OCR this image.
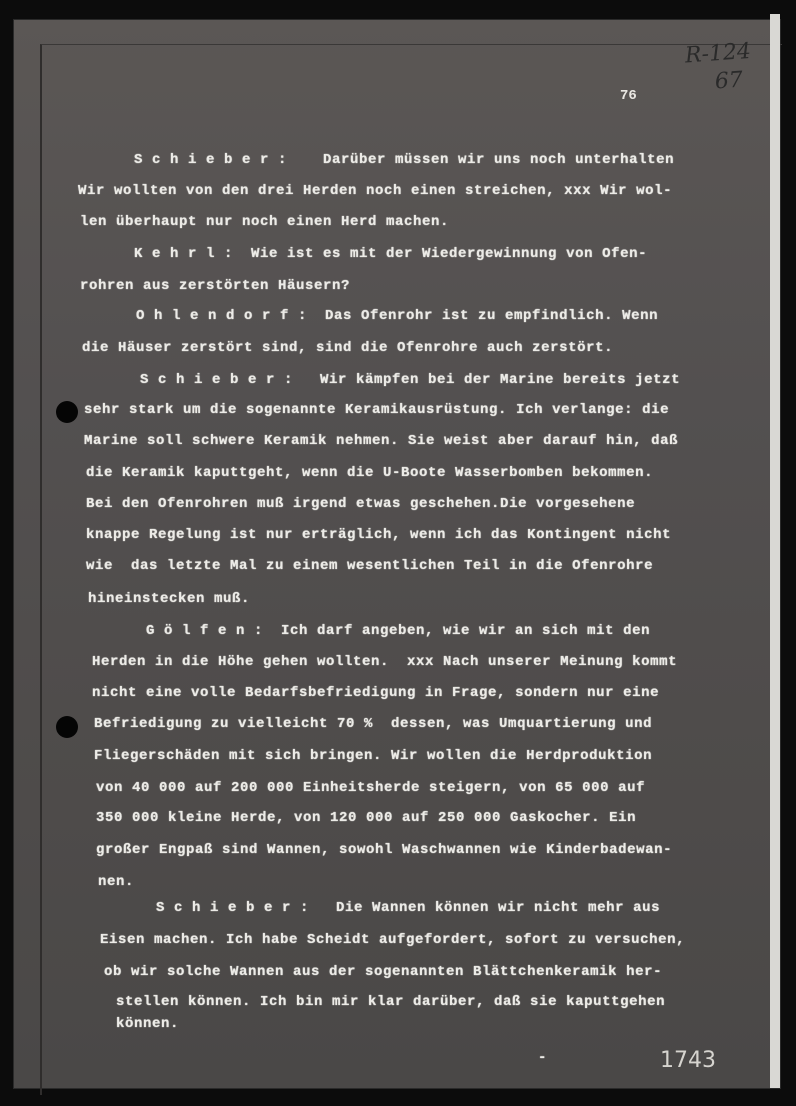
R-124
67
76
S c h i e b e r :    Darüber müssen wir uns noch unterhalten
Wir wollten von den drei Herden noch einen streichen, xxx Wir wol-
len überhaupt nur noch einen Herd machen.
K e h r l :  Wie ist es mit der Wiedergewinnung von Ofen-
rohren aus zerstörten Häusern?
O h l e n d o r f :  Das Ofenrohr ist zu empfindlich. Wenn
die Häuser zerstört sind, sind die Ofenrohre auch zerstört.
S c h i e b e r :   Wir kämpfen bei der Marine bereits jetzt
sehr stark um die sogenannte Keramikausrüstung. Ich verlange: die
Marine soll schwere Keramik nehmen. Sie weist aber darauf hin, daß
die Keramik kaputtgeht, wenn die U-Boote Wasserbomben bekommen.
Bei den Ofenrohren muß irgend etwas geschehen.Die vorgesehene
knappe Regelung ist nur erträglich, wenn ich das Kontingent nicht
wie  das letzte Mal zu einem wesentlichen Teil in die Ofenrohre
hineinstecken muß.
G ö l f e n :  Ich darf angeben, wie wir an sich mit den
Herden in die Höhe gehen wollten.  xxx Nach unserer Meinung kommt
nicht eine volle Bedarfsbefriedigung in Frage, sondern nur eine
Befriedigung zu vielleicht 70 %  dessen, was Umquartierung und
Fliegerschäden mit sich bringen. Wir wollen die Herdproduktion
von 40 000 auf 200 000 Einheitsherde steigern, von 65 000 auf
350 000 kleine Herde, von 120 000 auf 250 000 Gaskocher. Ein
großer Engpaß sind Wannen, sowohl Waschwannen wie Kinderbadewan-
nen.
S c h i e b e r :   Die Wannen können wir nicht mehr aus
Eisen machen. Ich habe Scheidt aufgefordert, sofort zu versuchen,
ob wir solche Wannen aus der sogenannten Blättchenkeramik her-
stellen können. Ich bin mir klar darüber, daß sie kaputtgehen
können.
-	1743
